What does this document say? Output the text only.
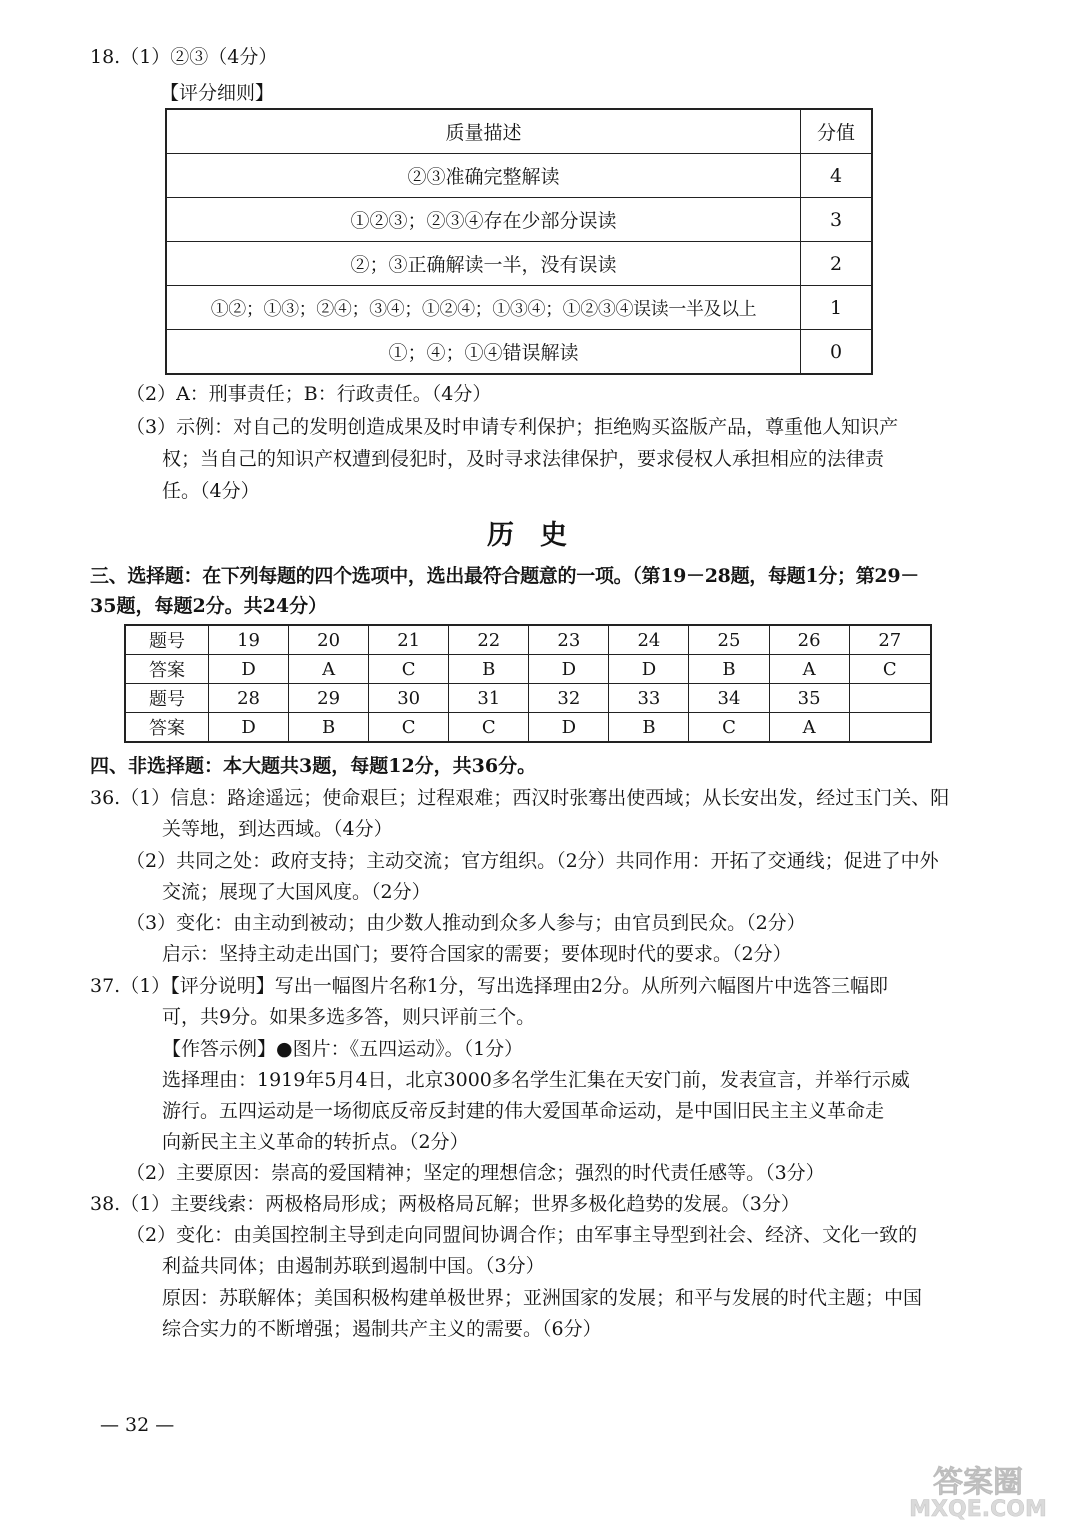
18.（1）②③（4分）
【评分细则】
质量描述	分值
②③准确完整解读	4
①②③；②③④存在少部分误读	3
②；③正确解读一半，没有误读	2
①②；①③；②④；③④；①②④；①③④；①②③④误读一半及以上	1
①；④；①④错误解读	0
（2）A：刑事责任；B：行政责任。（4分）
（3）示例：对自己的发明创造成果及时申请专利保护；拒绝购买盗版产品，尊重他人知识产
权；当自己的知识产权遭到侵犯时，及时寻求法律保护，要求侵权人承担相应的法律责
任。（4分）
历史
三、选择题：在下列每题的四个选项中，选出最符合题意的一项。（第19－28题，每题1分；第29－
35题，每题2分。共24分）
题号	19	20	21	22	23	24	25	26	27
答案	D	A	C	B	D	D	B	A	C
题号	28	29	30	31	32	33	34	35	
答案	D	B	C	C	D	B	C	A	
四、非选择题：本大题共3题，每题12分，共36分。
36.（1）信息：路途遥远；使命艰巨；过程艰难；西汉时张骞出使西域；从长安出发，经过玉门关、阳
关等地，到达西域。（4分）
（2）共同之处：政府支持；主动交流；官方组织。（2分）共同作用：开拓了交通线；促进了中外
交流；展现了大国风度。（2分）
（3）变化：由主动到被动；由少数人推动到众多人参与；由官员到民众。（2分）
启示：坚持主动走出国门；要符合国家的需要；要体现时代的要求。（2分）
37.（1）【评分说明】写出一幅图片名称1分，写出选择理由2分。从所列六幅图片中选答三幅即
可，共9分。如果多选多答，则只评前三个。
【作答示例】●图片：《五四运动》。（1分）
选择理由：1919年5月4日，北京3000多名学生汇集在天安门前，发表宣言，并举行示威
游行。五四运动是一场彻底反帝反封建的伟大爱国革命运动，是中国旧民主主义革命走
向新民主主义革命的转折点。（2分）
（2）主要原因：崇高的爱国精神；坚定的理想信念；强烈的时代责任感等。（3分）
38.（1）主要线索：两极格局形成；两极格局瓦解；世界多极化趋势的发展。（3分）
（2）变化：由美国控制主导到走向同盟间协调合作；由军事主导型到社会、经济、文化一致的
利益共同体；由遏制苏联到遏制中国。（3分）
原因：苏联解体；美国积极构建单极世界；亚洲国家的发展；和平与发展的时代主题；中国
综合实力的不断增强；遏制共产主义的需要。（6分）
— 32 —
答案圈
MXQE.COM
